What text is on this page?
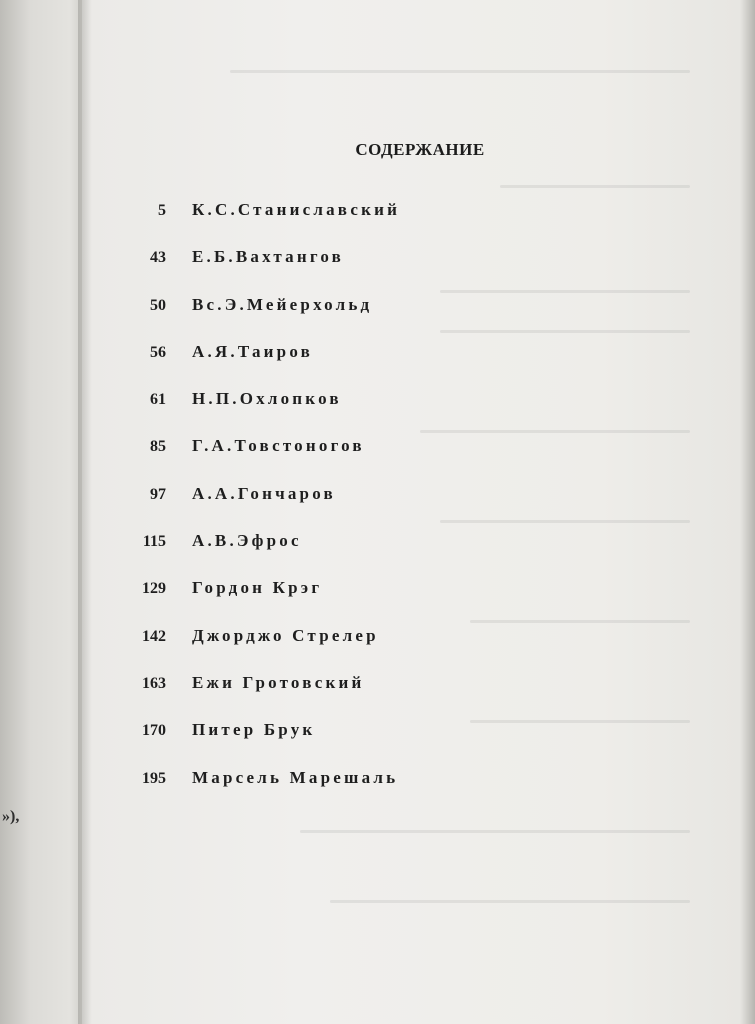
»),
СОДЕРЖАНИЕ
5 К.С.Станиславский
43 Е.Б.Вахтангов
50 Вс.Э.Мейерхольд
56 А.Я.Таиров
61 Н.П.Охлопков
85 Г.А.Товстоногов
97 А.А.Гончаров
115 А.В.Эфрос
129 Гордон Крэг
142 Джорджо Стрелер
163 Ежи Гротовский
170 Питер Брук
195 Марсель Марешаль
